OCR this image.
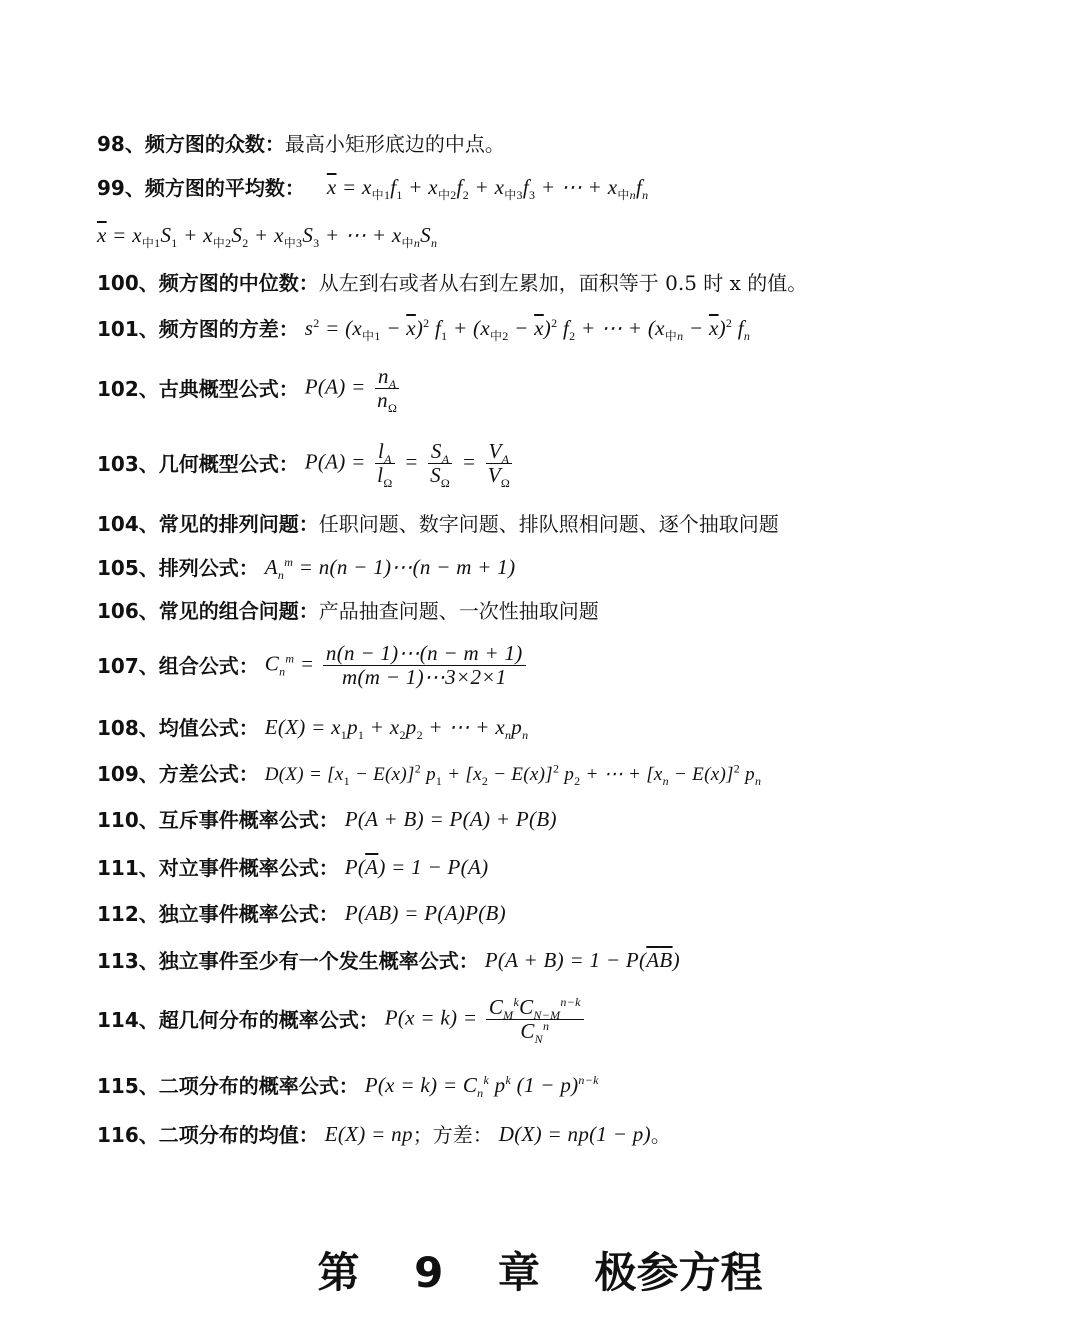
98、频方图的众数： 最高小矩形底边的中点。
99、频方图的平均数： $\overline{x} = x_{中1}f_1 + x_{中2}f_2 + x_{中3}f_3$ + ⋯ + $x_{中n}f_n$
$\overline{x} = x_{中1}S_1 + x_{中2}S_2 + x_{中3}S_3$ + ⋯ + $x_{中n}S_n$
100、频方图的中位数： 从左到右或者从右到左累加，面积等于 0.5 时 x 的值。
101、频方图的方差： $s^2 = (x_{中1} - \overline{x})^2$ $f_1 + (x_{中2} - \overline{x})^2$ $f_2$ + ⋯ + $(x_{中n} - \overline{x})^2$ $f_n$
102、古典概型公式： $P(A) = \frac{n_A}{n_\Omega}$
103、几何概型公式： $P(A) = \frac{l_A}{l_\Omega} = \frac{S_A}{S_\Omega} = \frac{V_A}{V_\Omega}$
104、常见的排列问题： 任职问题、数字问题、排队照相问题、逐个抽取问题
105、排列公式： $A_n^m = n(n$ − 1)⋯(n − m + 1)
106、常见的组合问题： 产品抽查问题、一次性抽取问题
107、组合公式： $C_n^m = \frac{n(n - 1)\cdots(n - m + 1)}{m(m - 1)\cdots 3\times 2\times 1}$
108、均值公式： $E(X) = x_1p_1 + x_2p_2$ + ⋯ + $x_np_n$
109、方差公式： $D(X) = [x_1 - E(x)]^2$ $p_1 + [x_2 - E(x)]^2$ $p_2$ + ⋯ + $[x_n - E(x)]^2$ $p_n$
110、互斥事件概率公式： P(A + B) = P(A) + P(B)
111、对立事件概率公式： $P(\overline{A}) = 1 - P(A)$
112、独立事件概率公式： P(AB) = P(A)P(B)
113、独立事件至少有一个发生概率公式： $P(A + B) = 1 - P(\overline{A}\overline{B})$
114、超几何分布的概率公式： $P(x = k) = \frac{C_M^kC_{N-M}^{n-k}}{C_N^n}$
115、二项分布的概率公式： $P(x = k) = C_n^k$ $p^k$ $(1 - p)^{n-k}$
116、二项分布的均值： E(X) = np ；方差： D(X) = np(1 − p) 。
第 9 章 极参方程
